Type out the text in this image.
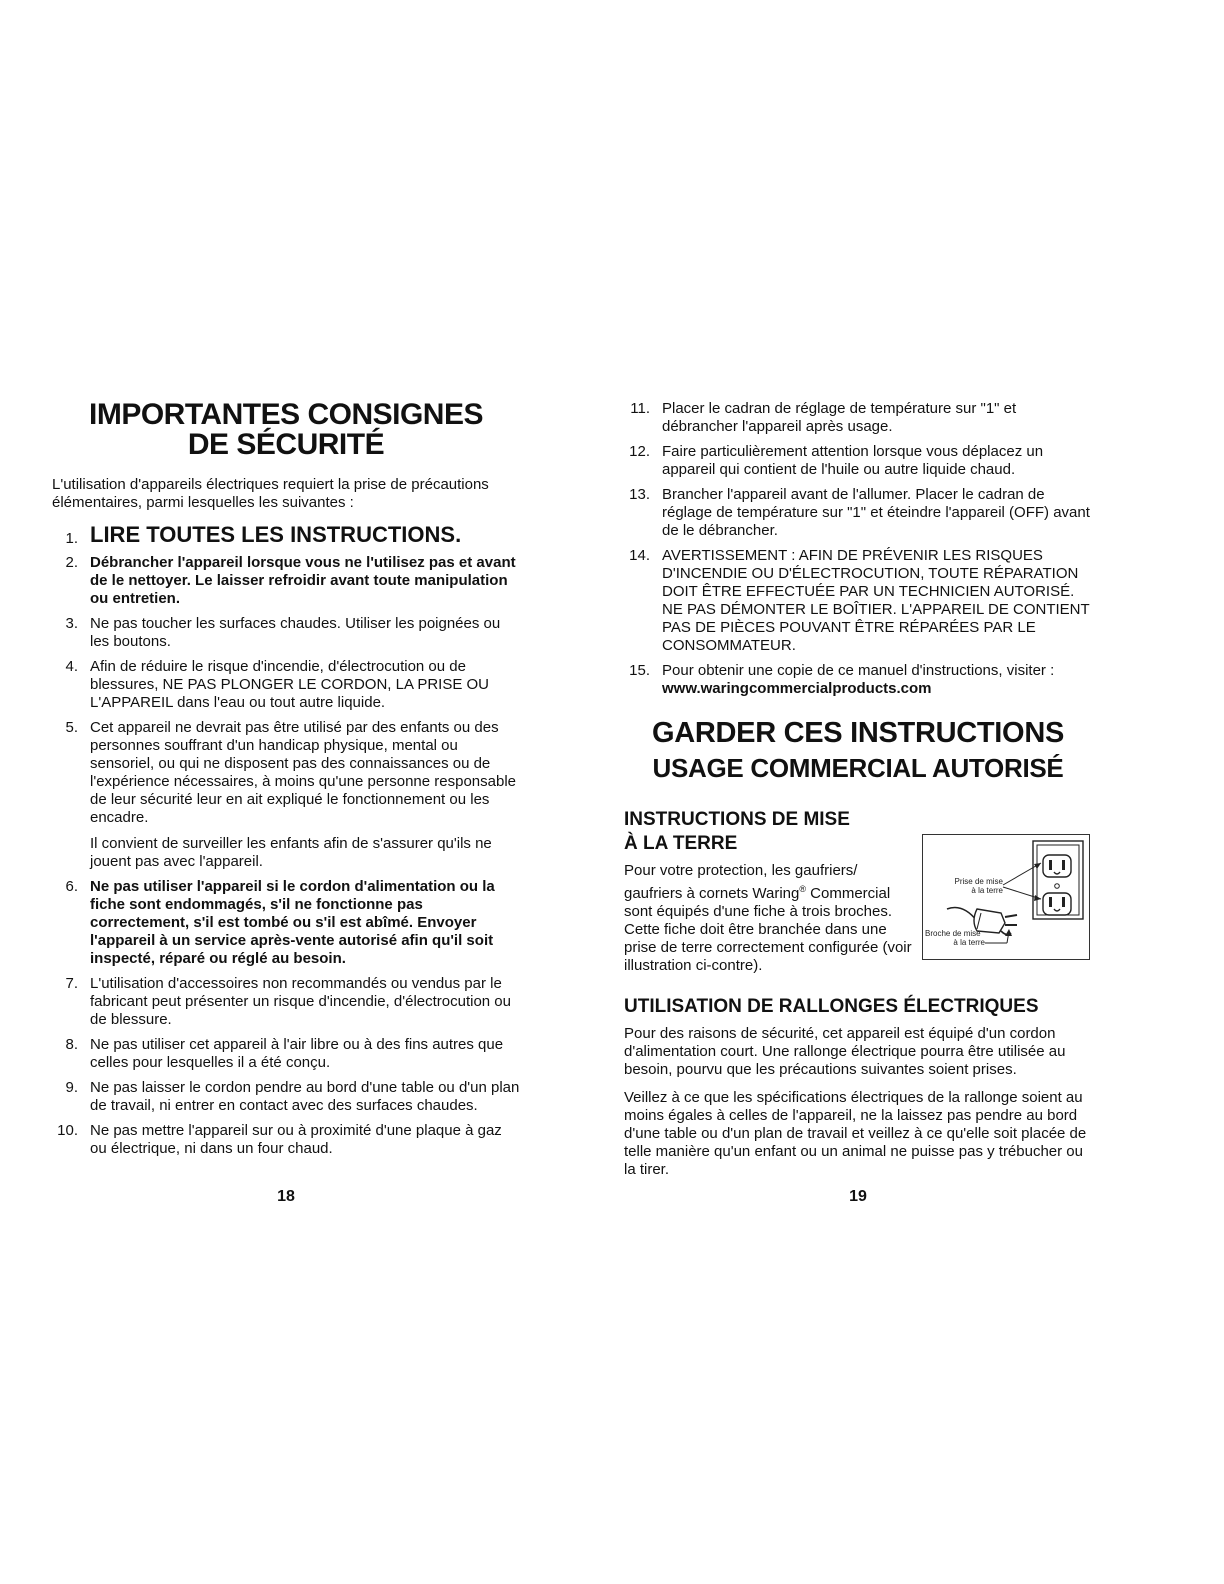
IMPORTANTES CONSIGNES
DE SÉCURITÉ

L'utilisation d'appareils électriques requiert la prise de précautions élémentaires, parmi lesquelles les suivantes :

1. LIRE TOUTES LES INSTRUCTIONS.
2. Débrancher l'appareil lorsque vous ne l'utilisez pas et avant de le nettoyer. Le laisser refroidir avant toute manipulation ou entretien.
3. Ne pas toucher les surfaces chaudes. Utiliser les poignées ou les boutons.
4. Afin de réduire le risque d'incendie, d'électrocution ou de blessures, NE PAS PLONGER LE CORDON, LA PRISE OU L'APPAREIL dans l'eau ou tout autre liquide.
5. Cet appareil ne devrait pas être utilisé par des enfants ou des personnes souffrant d'un handicap physique, mental ou sensoriel, ou qui ne disposent pas des connaissances ou de l'expérience nécessaires, à moins qu'une personne responsable de leur sécurité leur en ait expliqué le fonctionnement ou les encadre.
Il convient de surveiller les enfants afin de s'assurer qu'ils ne jouent pas avec l'appareil.
6. Ne pas utiliser l'appareil si le cordon d'alimentation ou la fiche sont endommagés, s'il ne fonctionne pas correctement, s'il est tombé ou s'il est abîmé. Envoyer l'appareil à un service après-vente autorisé afin qu'il soit inspecté, réparé ou réglé au besoin.
7. L'utilisation d'accessoires non recommandés ou vendus par le fabricant peut présenter un risque d'incendie, d'électrocution ou de blessure.
8. Ne pas utiliser cet appareil à l'air libre ou à des fins autres que celles pour lesquelles il a été conçu.
9. Ne pas laisser le cordon pendre au bord d'une table ou d'un plan de travail, ni entrer en contact avec des surfaces chaudes.
10. Ne pas mettre l'appareil sur ou à proximité d'une plaque à gaz ou électrique, ni dans un four chaud.
18
11. Placer le cadran de réglage de température sur "1" et débrancher l'appareil après usage.
12. Faire particulièrement attention lorsque vous déplacez un appareil qui contient de l'huile ou autre liquide chaud.
13. Brancher l'appareil avant de l'allumer. Placer le cadran de réglage de température sur "1" et éteindre l'appareil (OFF) avant de le débrancher.
14. AVERTISSEMENT : AFIN DE PRÉVENIR LES RISQUES D'INCENDIE OU D'ÉLECTROCUTION, TOUTE RÉPARATION DOIT ÊTRE EFFECTUÉE PAR UN TECHNICIEN AUTORISÉ. NE PAS DÉMONTER LE BOÎTIER. L'APPAREIL DE CONTIENT PAS DE PIÈCES POUVANT ÊTRE RÉPARÉES PAR LE CONSOMMATEUR.
15. Pour obtenir une copie de ce manuel d'instructions, visiter : www.waringcommercialproducts.com
GARDER CES INSTRUCTIONS
USAGE COMMERCIAL AUTORISÉ
INSTRUCTIONS DE MISE
À LA TERRE

Pour votre protection, les gaufriers/ gaufriers à cornets Waring® Commercial sont équipés d'une fiche à trois broches. Cette fiche doit être branchée dans une prise de terre correctement configurée (voir illustration ci-contre).

Prise de mise
à la terre
Broche de mise
à la terre
UTILISATION DE RALLONGES ÉLECTRIQUES

Pour des raisons de sécurité, cet appareil est équipé d'un cordon d'alimentation court. Une rallonge électrique pourra être utilisée au besoin, pourvu que les précautions suivantes soient prises.

Veillez à ce que les spécifications électriques de la rallonge soient au moins égales à celles de l'appareil, ne la laissez pas pendre au bord d'une table ou d'un plan de travail et veillez à ce qu'elle soit placée de telle manière qu'un enfant ou un animal ne puisse pas y trébucher ou la tirer.

19
